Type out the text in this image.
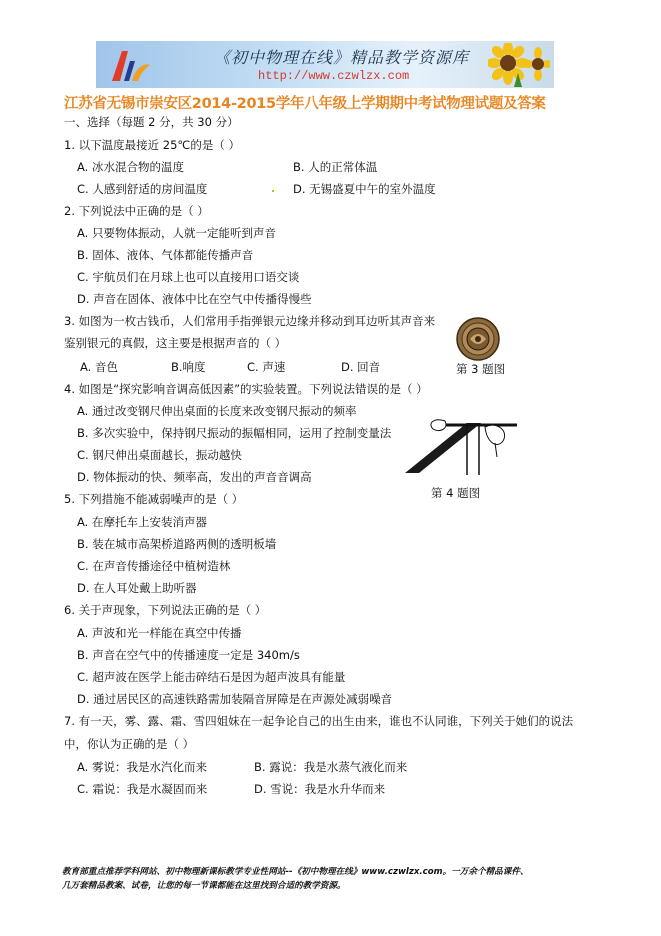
《初中物理在线》精品教学资源库
http://www.czwlzx.com
江苏省无锡市崇安区2014-2015学年八年级上学期期中考试物理试题及答案
一、选择（每题 2 分，共 30 分）
1. 以下温度最接近 25℃的是（ ）
A. 冰水混合物的温度	B. 人的正常体温
C. 人感到舒适的房间温度	D. 无锡盛夏中午的室外温度
2. 下列说法中正确的是（ ）
A. 只要物体振动，人就一定能听到声音
B. 固体、液体、气体都能传播声音
C. 宇航员们在月球上也可以直接用口语交谈
D. 声音在固体、液体中比在空气中传播得慢些
3. 如图为一枚古钱币，人们常用手指弹银元边缘并移动到耳边听其声音来
鉴别银元的真假，这主要是根据声音的（ ）
A. 音色	B.响度	C. 声速	D. 回音	第 3 题图
4. 如图是“探究影响音调高低因素”的实验装置。下列说法错误的是（ ）
A. 通过改变钢尺伸出桌面的长度来改变钢尺振动的频率
B. 多次实验中，保持钢尺振动的振幅相同，运用了控制变量法
C. 钢尺伸出桌面越长，振动越快
D. 物体振动的快、频率高，发出的声音音调高
第 4 题图
5. 下列措施不能减弱噪声的是（ ）
A. 在摩托车上安装消声器
B. 装在城市高架桥道路两侧的透明板墙
C. 在声音传播途径中植树造林
D. 在人耳处戴上助听器
6. 关于声现象，下列说法正确的是（ ）
A. 声波和光一样能在真空中传播
B. 声音在空气中的传播速度一定是 340m/s
C. 超声波在医学上能击碎结石是因为超声波具有能量
D. 通过居民区的高速铁路需加装隔音屏障是在声源处减弱噪音
7. 有一天，雾、露、霜、雪四姐妹在一起争论自己的出生由来，谁也不认同谁，下列关于她们的说法
中，你认为正确的是（ ）
A. 雾说：我是水汽化而来	B. 露说：我是水蒸气液化而来
C. 霜说：我是水凝固而来	D. 雪说：我是水升华而来
教育部重点推荐学科网站、初中物理新课标教学专业性网站--《初中物理在线》www.czwlzx.com。一万余个精品课件、
几万套精品教案、试卷，让您的每一节课都能在这里找到合适的教学资源。
